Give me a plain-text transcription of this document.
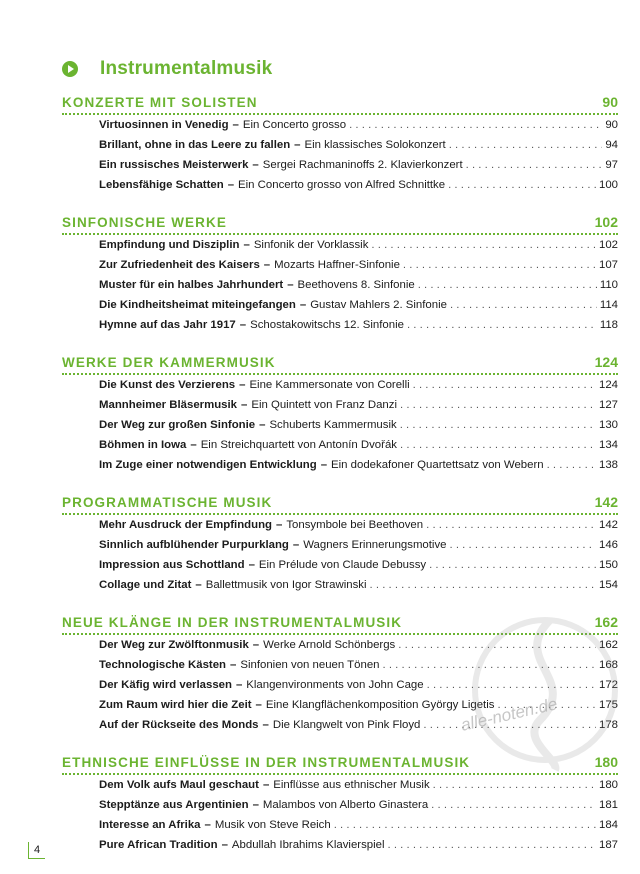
Instrumentalmusik
KONZERTE MIT SOLISTEN	90
Virtuosinnen in Venedig – Ein Concerto grosso . . .	90
Brillant, ohne in das Leere zu fallen – Ein klassisches Solokonzert . . .	94
Ein russisches Meisterwerk – Sergei Rachmaninoffs 2. Klavierkonzert . . .	97
Lebensfähige Schatten – Ein Concerto grosso von Alfred Schnittke . . .	100
SINFONISCHE WERKE	102
Empfindung und Disziplin – Sinfonik der Vorklassik . . .	102
Zur Zufriedenheit des Kaisers – Mozarts Haffner-Sinfonie . . .	107
Muster für ein halbes Jahrhundert – Beethovens 8. Sinfonie . . .	110
Die Kindheitsheimat miteingefangen – Gustav Mahlers 2. Sinfonie . . .	114
Hymne auf das Jahr 1917 – Schostakowitschs 12. Sinfonie . . .	118
WERKE DER KAMMERMUSIK	124
Die Kunst des Verzierens – Eine Kammersonate von Corelli . . .	124
Mannheimer Bläsermusik – Ein Quintett von Franz Danzi . . .	127
Der Weg zur großen Sinfonie – Schuberts Kammermusik . . .	130
Böhmen in Iowa – Ein Streichquartett von Antonín Dvořák . . .	134
Im Zuge einer notwendigen Entwicklung – Ein dodekafoner Quartettsatz von Webern . . .	138
PROGRAMMATISCHE MUSIK	142
Mehr Ausdruck der Empfindung – Tonsymbole bei Beethoven . . .	142
Sinnlich aufblühender Purpurklang – Wagners Erinnerungsmotive . . .	146
Impression aus Schottland – Ein Prélude von Claude Debussy . . .	150
Collage und Zitat – Ballettmusik von Igor Strawinski . . .	154
NEUE KLÄNGE IN DER INSTRUMENTALMUSIK	162
Der Weg zur Zwölftonmusik – Werke Arnold Schönbergs . . .	162
Technologische Kästen – Sinfonien von neuen Tönen . . .	168
Der Käfig wird verlassen – Klangenvironments von John Cage . . .	172
Zum Raum wird hier die Zeit – Eine Klangflächenkomposition György Ligetis . . .	175
Auf der Rückseite des Monds – Die Klangwelt von Pink Floyd . . .	178
ETHNISCHE EINFLÜSSE IN DER INSTRUMENTALMUSIK	180
Dem Volk aufs Maul geschaut – Einflüsse aus ethnischer Musik . . .	180
Stepptänze aus Argentinien – Malambos von Alberto Ginastera . . .	181
Interesse an Afrika – Musik von Steve Reich . . .	184
Pure African Tradition – Abdullah Ibrahims Klavierspiel . . .	187
alle-noten.de
4
